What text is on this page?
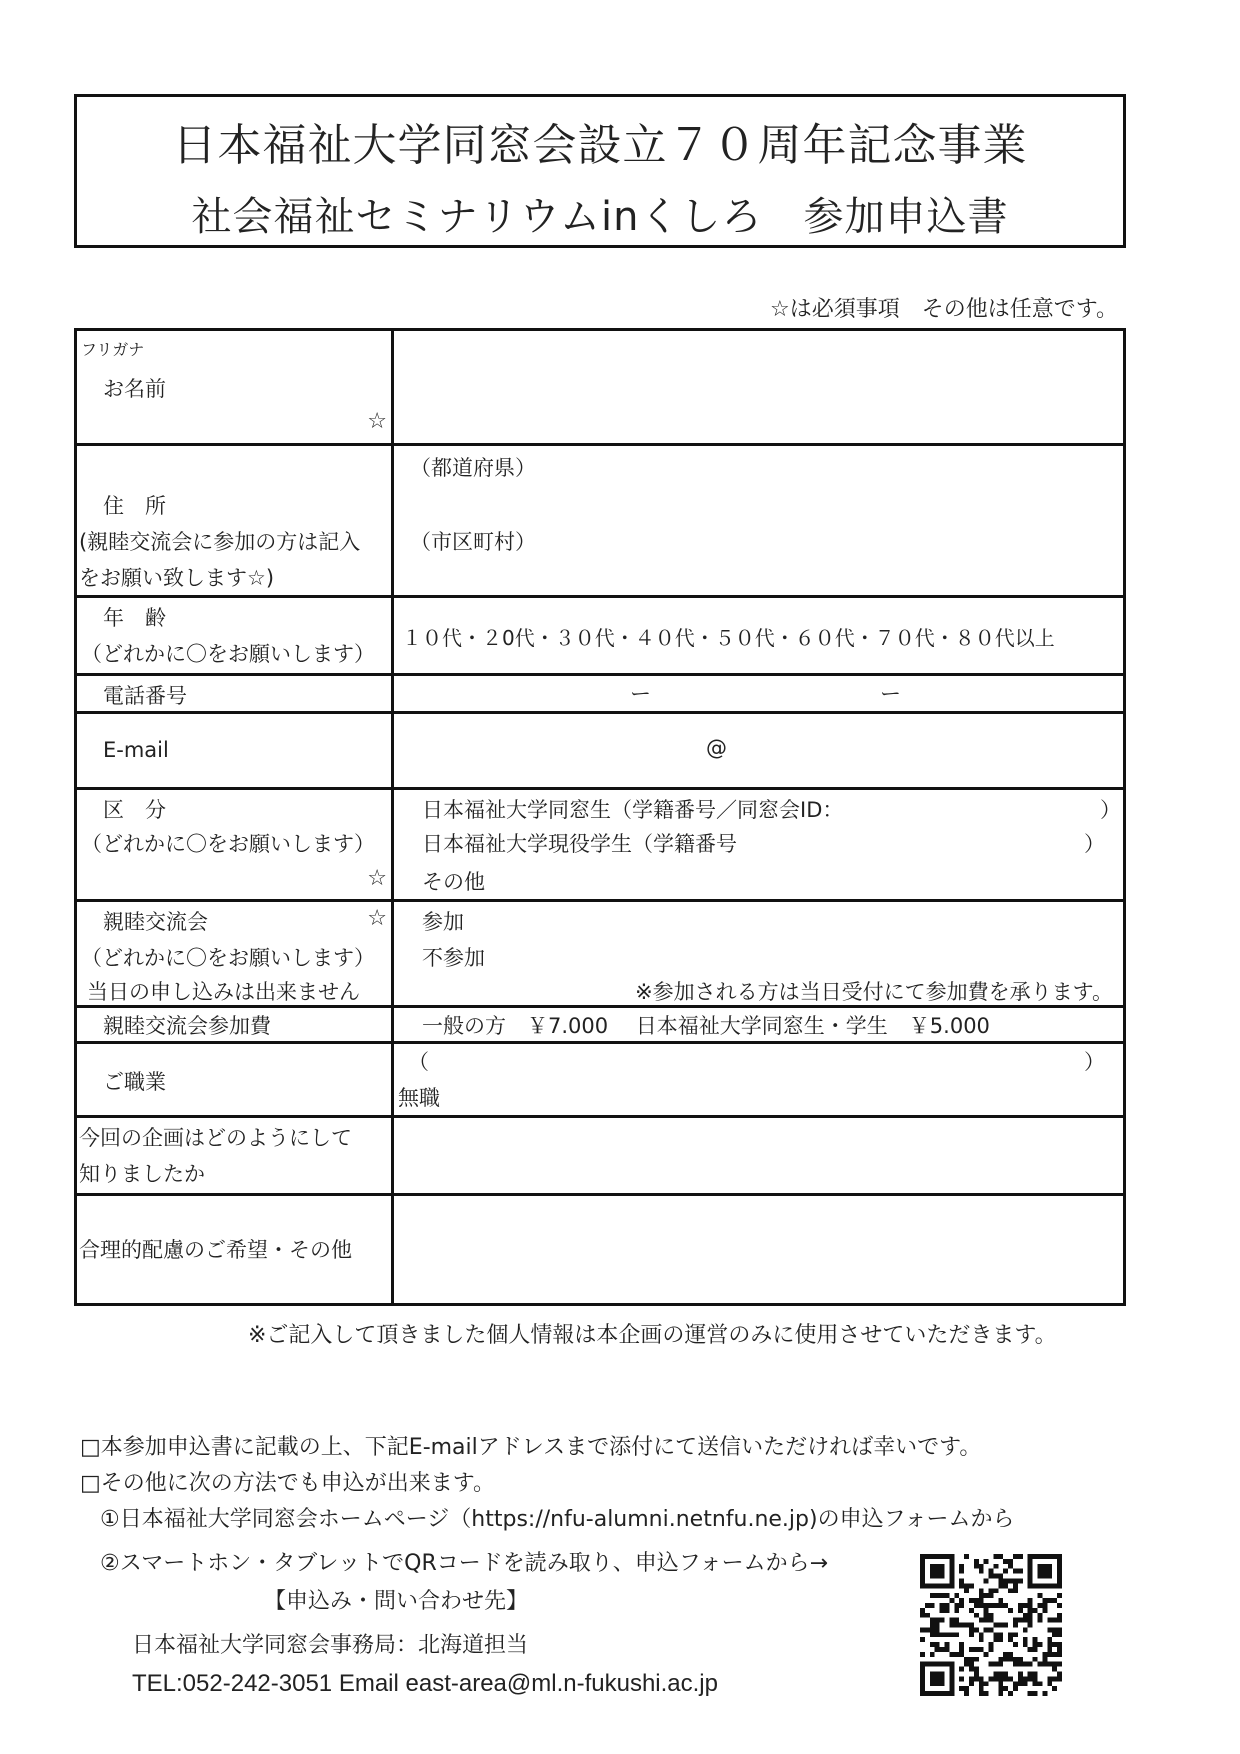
日本福祉大学同窓会設立７０周年記念事業
社会福祉セミナリウムinくしろ　参加申込書
☆は必須事項　その他は任意です。
フリガナ
お名前
☆	

住　所
(親睦交流会に参加の方は記入
をお願い致します☆)	（都道府県）
（市区町村）

年　齢
（どれかに〇をお願いします）	１０代・２0代・３０代・４０代・５０代・６０代・７０代・８０代以上

電話番号	ー ー

E-mail	@

区　分
（どれかに〇をお願いします）
☆	日本福祉大学同窓生（学籍番号／同窓会ID： ）
日本福祉大学現役学生（学籍番号 ）
その他

親睦交流会 ☆
（どれかに〇をお願いします）
当日の申し込みは出来ません	参加
不参加
※参加される方は当日受付にて参加費を承ります。

親睦交流会参加費	一般の方　￥7.000　 日本福祉大学同窓生・学生　￥5.000

ご職業	（ ）
無職

今回の企画はどのようにして
知りましたか	

合理的配慮のご希望・その他	

※ご記入して頂きました個人情報は本企画の運営のみに使用させていただきます。
□本参加申込書に記載の上、下記E-mailアドレスまで添付にて送信いただければ幸いです。
□その他に次の方法でも申込が出来ます。
①日本福祉大学同窓会ホームページ（https://nfu-alumni.netnfu.ne.jp)の申込フォームから
②スマートホン・タブレットでQRコードを読み取り、申込フォームから→
【申込み・問い合わせ先】
日本福祉大学同窓会事務局：北海道担当
TEL:052-242-3051 Email east-area@ml.n-fukushi.ac.jp
